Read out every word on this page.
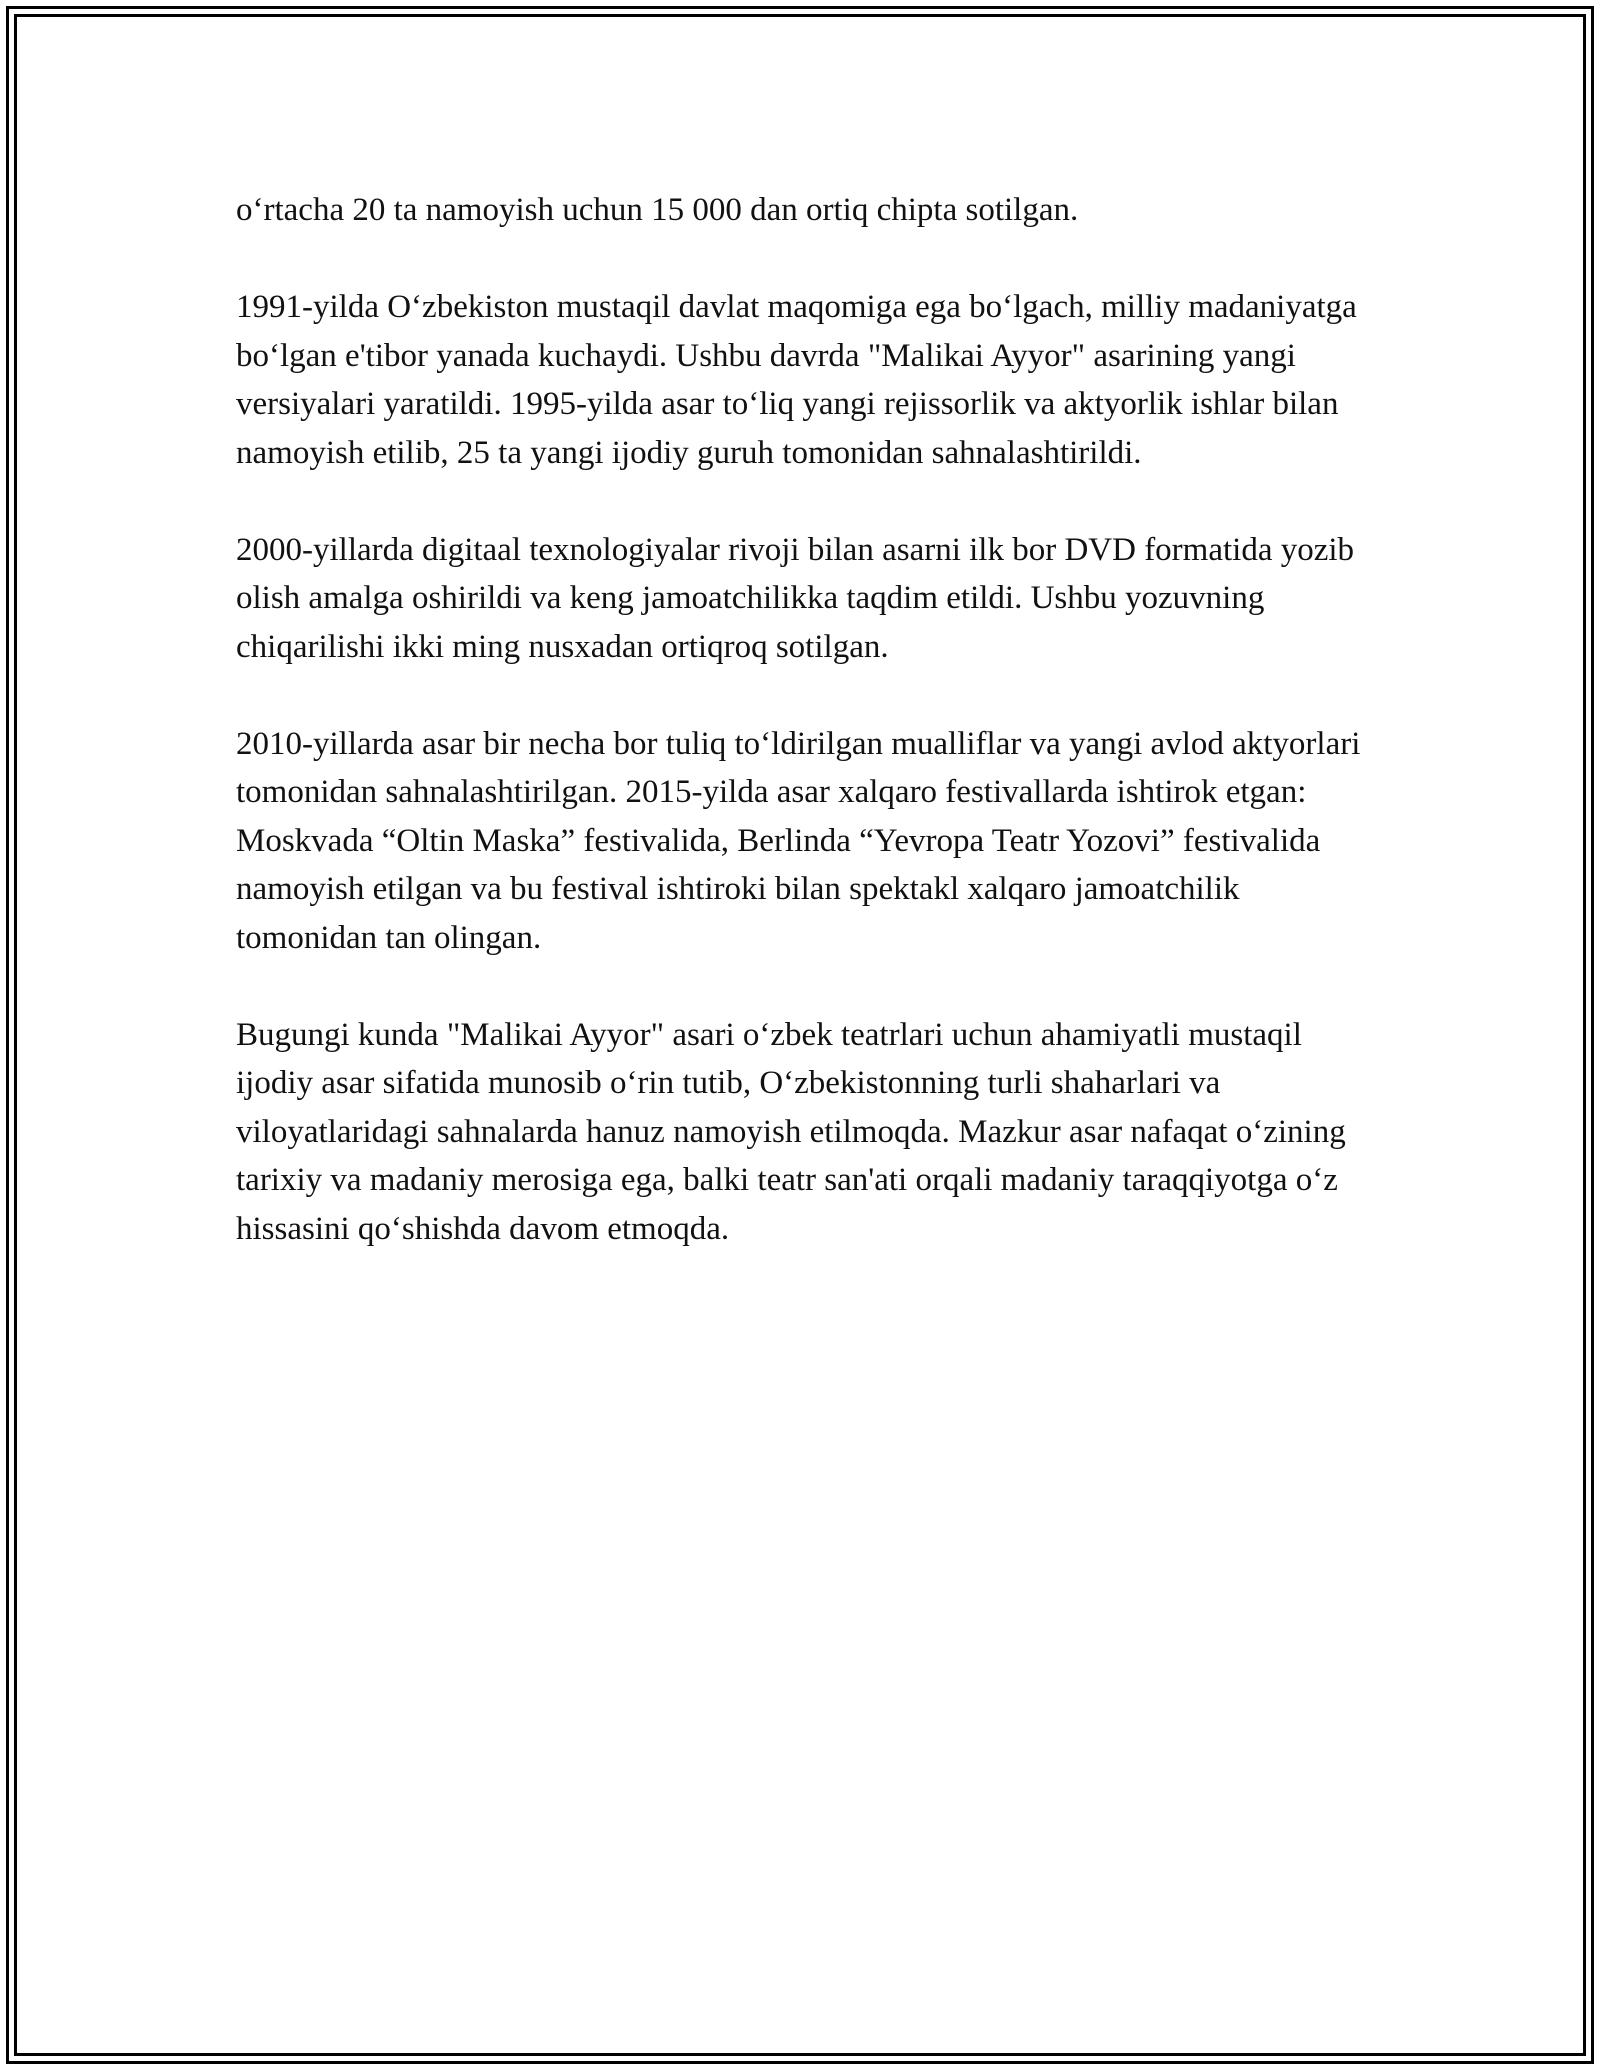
o‘rtacha 20 ta namoyish uchun 15 000 dan ortiq chipta sotilgan.

1991-yilda O‘zbekiston mustaqil davlat maqomiga ega bo‘lgach, milliy madaniyatga bo‘lgan e'tibor yanada kuchaydi. Ushbu davrda "Malikai Ayyor" asarining yangi versiyalari yaratildi. 1995-yilda asar to‘liq yangi rejissorlik va aktyorlik ishlar bilan namoyish etilib, 25 ta yangi ijodiy guruh tomonidan sahnalashtirildi.

2000-yillarda digitaal texnologiyalar rivoji bilan asarni ilk bor DVD formatida yozib olish amalga oshirildi va keng jamoatchilikka taqdim etildi. Ushbu yozuvning chiqarilishi ikki ming nusxadan ortiqroq sotilgan.

2010-yillarda asar bir necha bor tuliq to‘ldirilgan mualliflar va yangi avlod aktyorlari tomonidan sahnalashtirilgan. 2015-yilda asar xalqaro festivallarda ishtirok etgan: Moskvada “Oltin Maska” festivalida, Berlinda “Yevropa Teatr Yozovi” festivalida namoyish etilgan va bu festival ishtiroki bilan spektakl xalqaro jamoatchilik tomonidan tan olingan.

Bugungi kunda "Malikai Ayyor" asari o‘zbek teatrlari uchun ahamiyatli mustaqil ijodiy asar sifatida munosib o‘rin tutib, O‘zbekistonning turli shaharlari va viloyatlaridagi sahnalarda hanuz namoyish etilmoqda. Mazkur asar nafaqat o‘zining tarixiy va madaniy merosiga ega, balki teatr san'ati orqali madaniy taraqqiyotga o‘z hissasini qo‘shishda davom etmoqda.
